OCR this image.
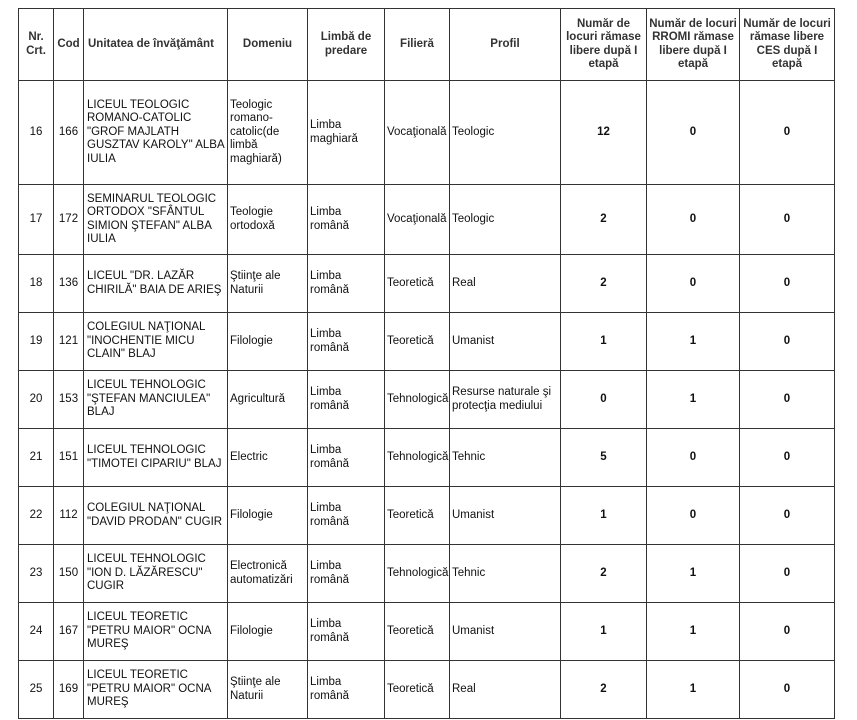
Nr. Crt.	Cod	Unitatea de învăţământ	Domeniu	Limbă de predare	Filieră	Profil	Număr de locuri rămase libere după I etapă	Număr de locuri RROMI rămase libere după I etapă	Număr de locuri rămase libere CES după I etapă
16	166	LICEUL TEOLOGIC ROMANO-CATOLIC "GROF MAJLATH GUSZTAV KAROLY" ALBA IULIA	Teologic romano-catolic(de limbă maghiară)	Limba maghiară	Vocaţională	Teologic	12	0	0
17	172	SEMINARUL TEOLOGIC ORTODOX "SFÂNTUL SIMION ŞTEFAN" ALBA IULIA	Teologie ortodoxă	Limba română	Vocaţională	Teologic	2	0	0
18	136	LICEUL "DR. LAZĂR CHIRILĂ" BAIA DE ARIEŞ	Ştiinţe ale Naturii	Limba română	Teoretică	Real	2	0	0
19	121	COLEGIUL NAŢIONAL "INOCHENTIE MICU CLAIN" BLAJ	Filologie	Limba română	Teoretică	Umanist	1	1	0
20	153	LICEUL TEHNOLOGIC "ŞTEFAN MANCIULEA" BLAJ	Agricultură	Limba română	Tehnologică	Resurse naturale şi protecţia mediului	0	1	0
21	151	LICEUL TEHNOLOGIC "TIMOTEI CIPARIU" BLAJ	Electric	Limba română	Tehnologică	Tehnic	5	0	0
22	112	COLEGIUL NAŢIONAL "DAVID PRODAN" CUGIR	Filologie	Limba română	Teoretică	Umanist	1	0	0
23	150	LICEUL TEHNOLOGIC "ION D. LĂZĂRESCU" CUGIR	Electronică automatizări	Limba română	Tehnologică	Tehnic	2	1	0
24	167	LICEUL TEORETIC "PETRU MAIOR" OCNA MUREŞ	Filologie	Limba română	Teoretică	Umanist	1	1	0
25	169	LICEUL TEORETIC "PETRU MAIOR" OCNA MUREŞ	Ştiinţe ale Naturii	Limba română	Teoretică	Real	2	1	0
